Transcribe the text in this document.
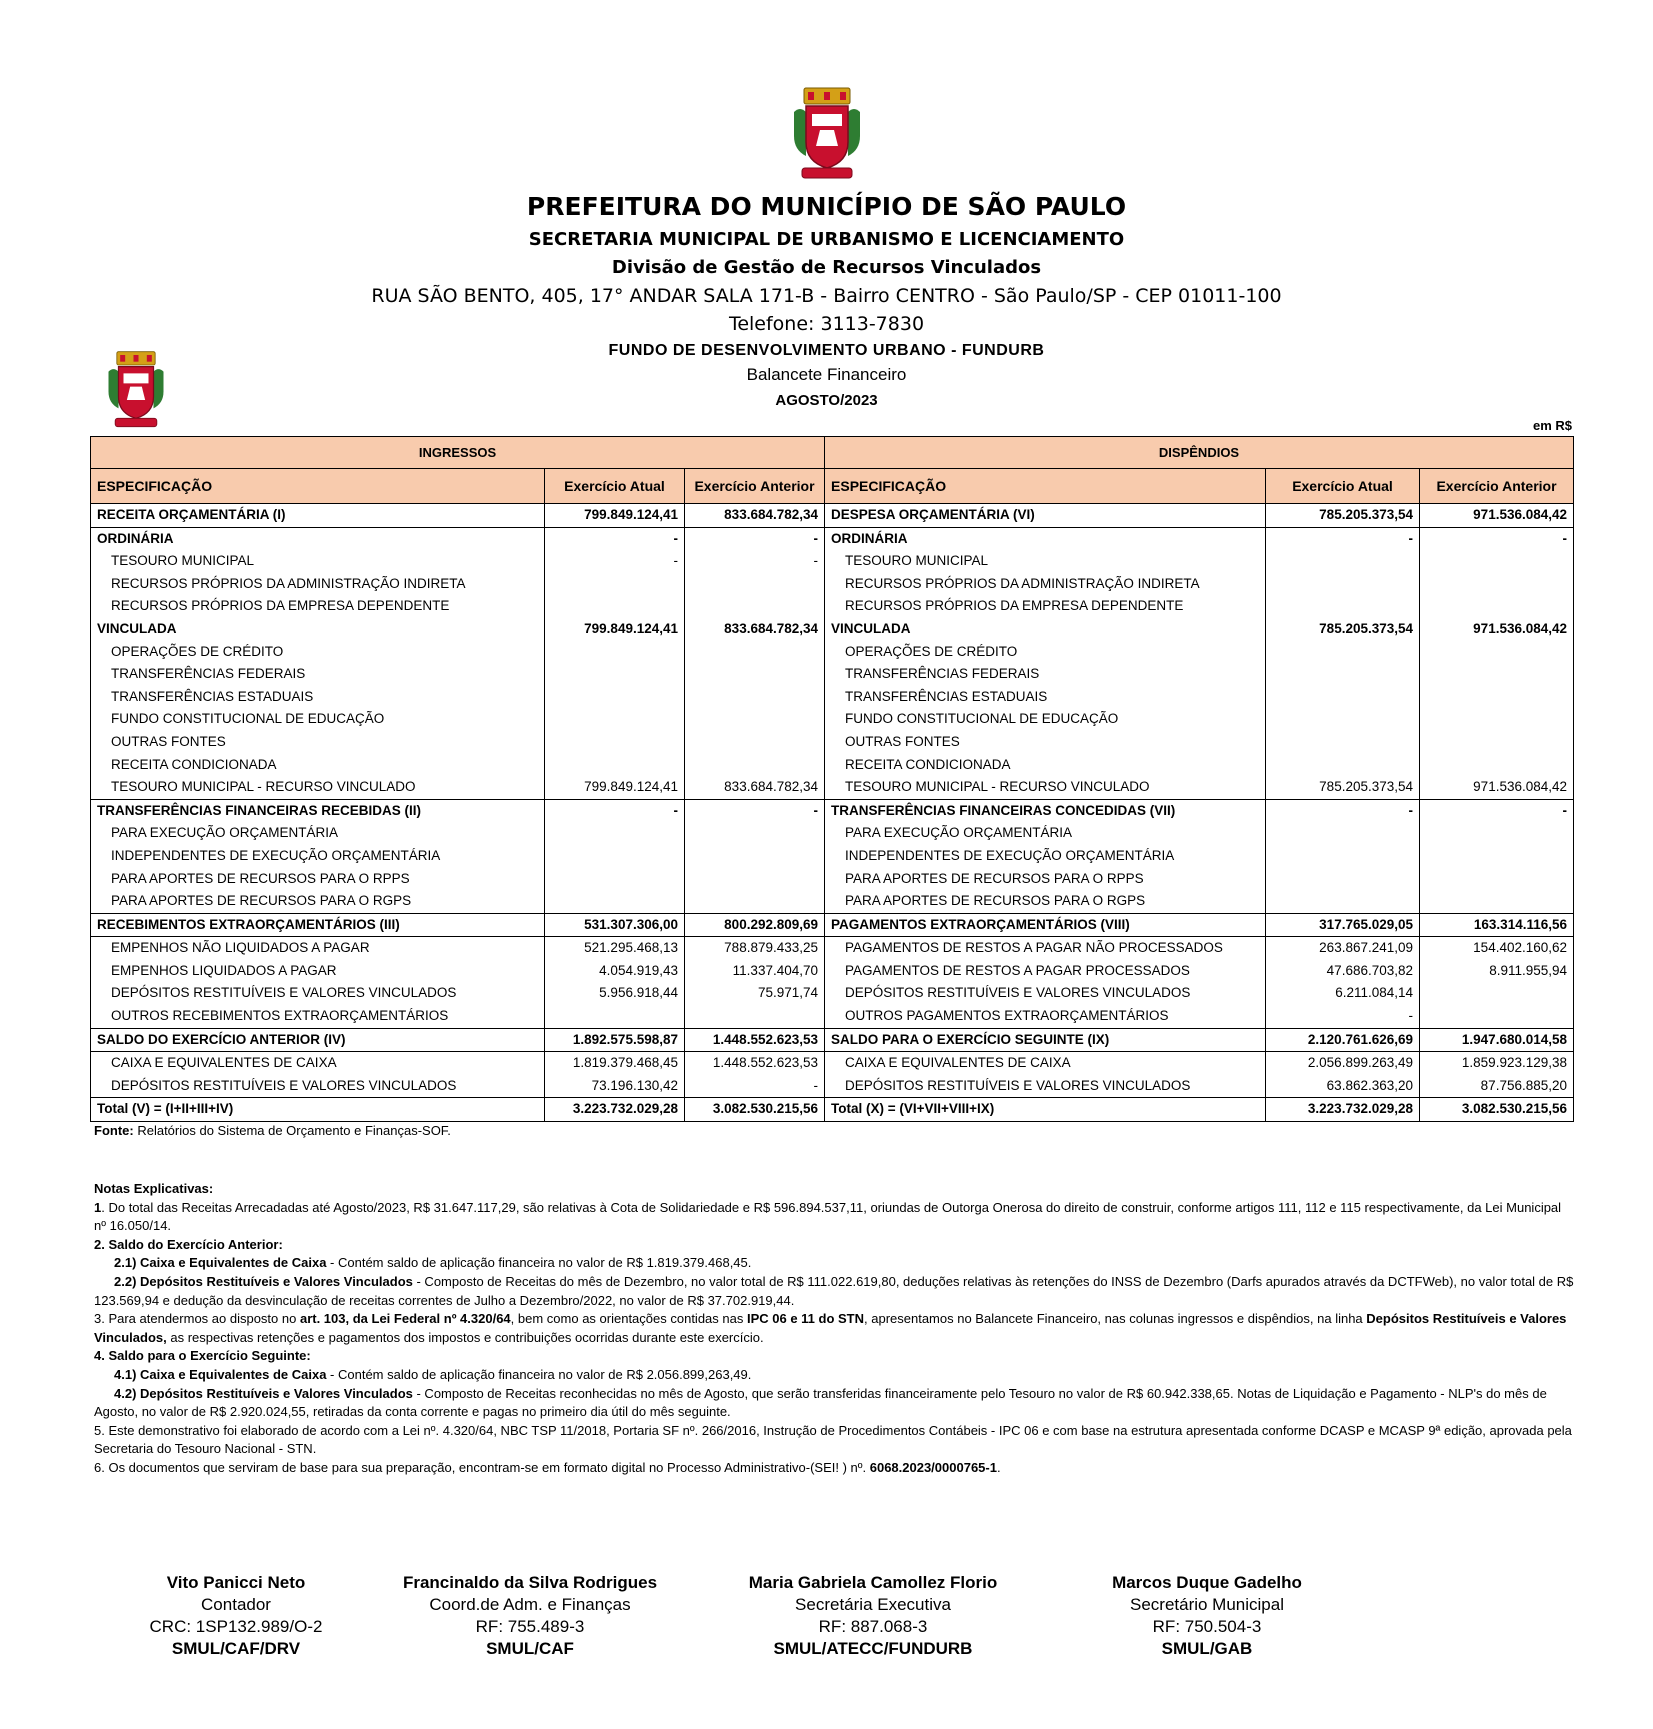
PREFEITURA DO MUNICÍPIO DE SÃO PAULO
SECRETARIA MUNICIPAL DE URBANISMO E LICENCIAMENTO
Divisão de Gestão de Recursos Vinculados
RUA SÃO BENTO, 405, 17° ANDAR SALA 171-B - Bairro CENTRO - São Paulo/SP - CEP 01011-100
Telefone: 3113-7830
FUNDO DE DESENVOLVIMENTO URBANO - FUNDURB
Balancete Financeiro
AGOSTO/2023
em R$
INGRESSOS			DISPÊNDIOS		
ESPECIFICAÇÃO	Exercício Atual	Exercício Anterior	ESPECIFICAÇÃO	Exercício Atual	Exercício Anterior
RECEITA ORÇAMENTÁRIA (I)	799.849.124,41	833.684.782,34	DESPESA ORÇAMENTÁRIA (VI)	785.205.373,54	971.536.084,42
ORDINÁRIA	-	-	ORDINÁRIA	-	-
TESOURO MUNICIPAL	-	-	TESOURO MUNICIPAL		
RECURSOS PRÓPRIOS DA ADMINISTRAÇÃO INDIRETA			RECURSOS PRÓPRIOS DA ADMINISTRAÇÃO INDIRETA		
RECURSOS PRÓPRIOS DA EMPRESA DEPENDENTE			RECURSOS PRÓPRIOS DA EMPRESA DEPENDENTE		
VINCULADA	799.849.124,41	833.684.782,34	VINCULADA	785.205.373,54	971.536.084,42
OPERAÇÕES DE CRÉDITO			OPERAÇÕES DE CRÉDITO		
TRANSFERÊNCIAS FEDERAIS			TRANSFERÊNCIAS FEDERAIS		
TRANSFERÊNCIAS ESTADUAIS			TRANSFERÊNCIAS ESTADUAIS		
FUNDO CONSTITUCIONAL DE EDUCAÇÃO			FUNDO CONSTITUCIONAL DE EDUCAÇÃO		
OUTRAS FONTES			OUTRAS FONTES		
RECEITA CONDICIONADA			RECEITA CONDICIONADA		
TESOURO MUNICIPAL - RECURSO VINCULADO	799.849.124,41	833.684.782,34	TESOURO MUNICIPAL - RECURSO VINCULADO	785.205.373,54	971.536.084,42
TRANSFERÊNCIAS FINANCEIRAS RECEBIDAS (II)	-	-	TRANSFERÊNCIAS FINANCEIRAS CONCEDIDAS (VII)	-	-
PARA EXECUÇÃO ORÇAMENTÁRIA			PARA EXECUÇÃO ORÇAMENTÁRIA		
INDEPENDENTES DE EXECUÇÃO ORÇAMENTÁRIA			INDEPENDENTES DE EXECUÇÃO ORÇAMENTÁRIA		
PARA APORTES DE RECURSOS PARA O RPPS			PARA APORTES DE RECURSOS PARA O RPPS		
PARA APORTES DE RECURSOS PARA O RGPS			PARA APORTES DE RECURSOS PARA O RGPS		
RECEBIMENTOS EXTRAORÇAMENTÁRIOS (III)	531.307.306,00	800.292.809,69	PAGAMENTOS EXTRAORÇAMENTÁRIOS (VIII)	317.765.029,05	163.314.116,56
EMPENHOS NÃO LIQUIDADOS A PAGAR	521.295.468,13	788.879.433,25	PAGAMENTOS DE RESTOS A PAGAR NÃO PROCESSADOS	263.867.241,09	154.402.160,62
EMPENHOS LIQUIDADOS A PAGAR	4.054.919,43	11.337.404,70	PAGAMENTOS DE RESTOS A PAGAR PROCESSADOS	47.686.703,82	8.911.955,94
DEPÓSITOS RESTITUÍVEIS E VALORES VINCULADOS	5.956.918,44	75.971,74	DEPÓSITOS RESTITUÍVEIS E VALORES VINCULADOS	6.211.084,14	
OUTROS RECEBIMENTOS EXTRAORÇAMENTÁRIOS			OUTROS PAGAMENTOS EXTRAORÇAMENTÁRIOS	-	
SALDO DO EXERCÍCIO ANTERIOR (IV)	1.892.575.598,87	1.448.552.623,53	SALDO PARA O EXERCÍCIO SEGUINTE (IX)	2.120.761.626,69	1.947.680.014,58
CAIXA E EQUIVALENTES DE CAIXA	1.819.379.468,45	1.448.552.623,53	CAIXA E EQUIVALENTES DE CAIXA	2.056.899.263,49	1.859.923.129,38
DEPÓSITOS RESTITUÍVEIS E VALORES VINCULADOS	73.196.130,42	-	DEPÓSITOS RESTITUÍVEIS E VALORES VINCULADOS	63.862.363,20	87.756.885,20
Total (V) = (I+II+III+IV)	3.223.732.029,28	3.082.530.215,56	Total (X) = (VI+VII+VIII+IX)	3.223.732.029,28	3.082.530.215,56
Fonte: Relatórios do Sistema de Orçamento e Finanças-SOF.

Notas Explicativas:

1. Do total das Receitas Arrecadadas até Agosto/2023, R$ 31.647.117,29, são relativas à Cota de Solidariedade e R$ 596.894.537,11, oriundas de Outorga Onerosa do direito de construir, conforme artigos 111, 112 e 115 respectivamente, da Lei Municipal nº 16.050/14.

2. Saldo do Exercício Anterior:

2.1) Caixa e Equivalentes de Caixa - Contém saldo de aplicação financeira no valor de R$ 1.819.379.468,45.

2.2) Depósitos Restituíveis e Valores Vinculados - Composto de Receitas do mês de Dezembro, no valor total de R$ 111.022.619,80, deduções relativas às retenções do INSS de Dezembro (Darfs apurados através da DCTFWeb), no valor total de R$ 123.569,94 e dedução da desvinculação de receitas correntes de Julho a Dezembro/2022, no valor de R$ 37.702.919,44.

3. Para atendermos ao disposto no art. 103, da Lei Federal nº 4.320/64, bem como as orientações contidas nas IPC 06 e 11 do STN, apresentamos no Balancete Financeiro, nas colunas ingressos e dispêndios, na linha Depósitos Restituíveis e Valores Vinculados, as respectivas retenções e pagamentos dos impostos e contribuições ocorridas durante este exercício.

4. Saldo para o Exercício Seguinte:

4.1) Caixa e Equivalentes de Caixa - Contém saldo de aplicação financeira no valor de R$ 2.056.899,263,49.

4.2) Depósitos Restituíveis e Valores Vinculados - Composto de Receitas reconhecidas no mês de Agosto, que serão transferidas financeiramente pelo Tesouro no valor de R$ 60.942.338,65. Notas de Liquidação e Pagamento - NLP's do mês de Agosto, no valor de R$ 2.920.024,55, retiradas da conta corrente e pagas no primeiro dia útil do mês seguinte.

5. Este demonstrativo foi elaborado de acordo com a Lei nº. 4.320/64, NBC TSP 11/2018, Portaria SF nº. 266/2016, Instrução de Procedimentos Contábeis - IPC 06 e com base na estrutura apresentada conforme DCASP e MCASP 9ª edição, aprovada pela Secretaria do Tesouro Nacional - STN.

6. Os documentos que serviram de base para sua preparação, encontram-se em formato digital no Processo Administrativo-(SEI! ) nº. 6068.2023/0000765-1.

Vito Panicci Neto
Contador
CRC: 1SP132.989/O-2
SMUL/CAF/DRV
Francinaldo da Silva Rodrigues
Coord.de Adm. e Finanças
RF: 755.489-3
SMUL/CAF
Maria Gabriela Camollez Florio
Secretária Executiva
RF: 887.068-3
SMUL/ATECC/FUNDURB
Marcos Duque Gadelho
Secretário Municipal
RF: 750.504-3
SMUL/GAB
